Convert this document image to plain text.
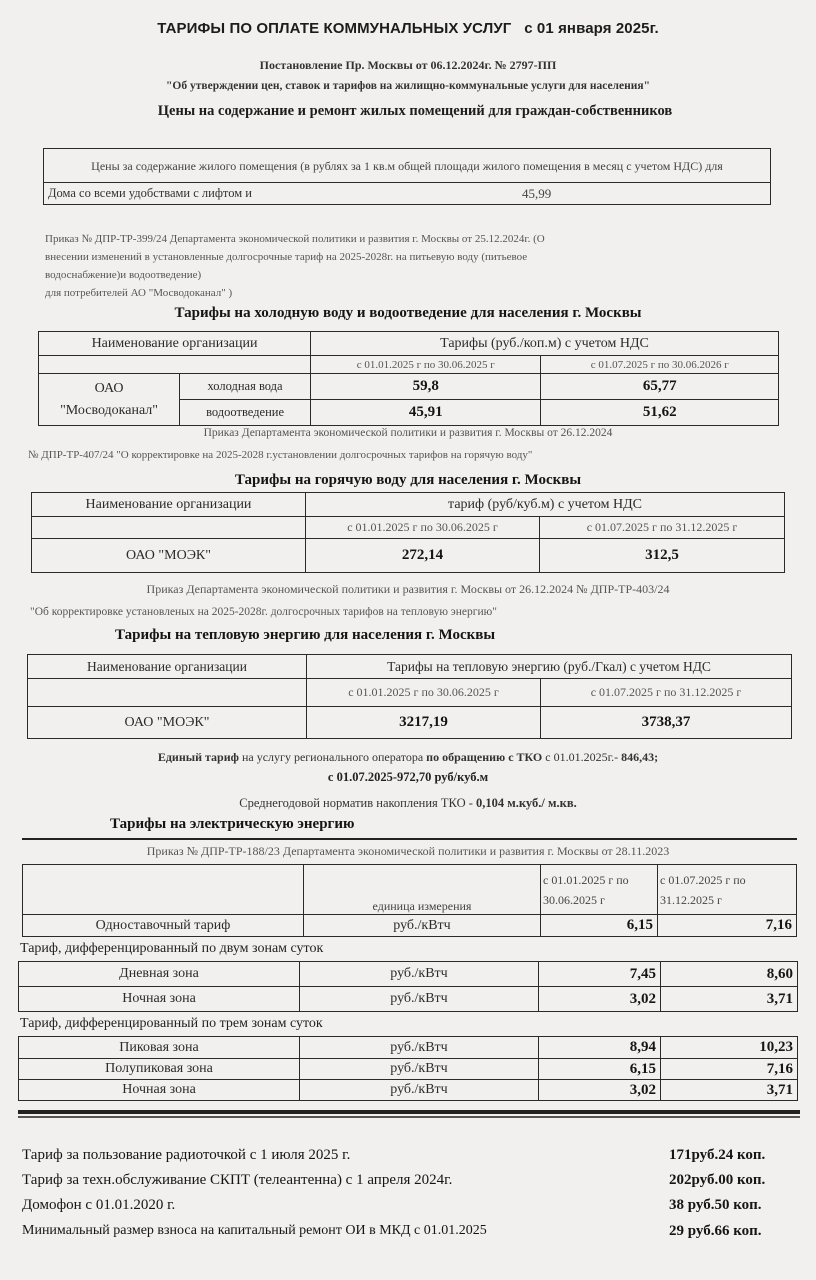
ТАРИФЫ ПО ОПЛАТЕ КОММУНАЛЬНЫХ УСЛУГ с 01 января 2025г.
Постановление Пр. Москвы от 06.12.2024г. № 2797-ПП
"Об утверждении цен, ставок и тарифов на жилищно-коммунальные услуги для населения"
Цены на содержание и ремонт жилых помещений для граждан-собственников
Цены за содержание жилого помещения (в рублях за 1 кв.м общей площади жилого помещения в месяц с учетом НДС) для
Дома со всеми удобствами с лифтом и	45,99
Приказ № ДПР-ТР-399/24 Департамента экономической политики и развития г. Москвы от 25.12.2024г. (О
внесении изменений в установленные долгосрочные тариф на 2025-2028г. на питьевую воду (питьевое
водоснабжение)и водоотведение)
для потребителей АО "Мосводоканал" )
Тарифы на холодную воду и водоотведение для населения г. Москвы
Наименование организации		Тарифы (руб./коп.м) с учетом НДС	
		с 01.01.2025 г по 30.06.2025 г	с 01.07.2025 г по 30.06.2026 г

ОАО
"Мосводоканал"	холодная вода	59,8	65,77
	водоотведение	45,91	51,62
Приказ Департамента экономической политики и развития г. Москвы от 26.12.2024
№ ДПР-ТР-407/24 "О корректировке на 2025-2028 г.установлении долгосрочных тарифов на горячую воду"
Тарифы на горячую воду для населения г. Москвы
Наименование организации	тариф (руб/куб.м) с учетом НДС	
	с 01.01.2025 г по 30.06.2025 г	с 01.07.2025 г по 31.12.2025 г
ОАО "МОЭК"	272,14	312,5
Приказ Департамента экономической политики и развития г. Москвы от 26.12.2024 № ДПР-ТР-403/24
"Об корректировке установленых на 2025-2028г. долгосрочных тарифов на тепловую энергию"
Тарифы на тепловую энергию для населения г. Москвы
Наименование организации	Тарифы на тепловую энергию (руб./Гкал) с учетом НДС	
	с 01.01.2025 г по 30.06.2025 г	с 01.07.2025 г по 31.12.2025 г
ОАО "МОЭК"	3217,19	3738,37
Единый тариф на услугу регионального оператора по обращению с ТКО с 01.01.2025г.- 846,43;
с 01.07.2025-972,70 руб/куб.м
Среднегодовой норматив накопления ТКО - 0,104 м.куб./ м.кв.
Тарифы на электрическую энергию
Приказ № ДПР-ТР-188/23 Департамента экономической политики и развития г. Москвы от 28.11.2023
	единица измерения	
с 01.01.2025 г по
30.06.2025 г

с 01.07.2025 г по
31.12.2025 г

Одноставочный тариф	руб./кВтч	6,15	7,16
Тариф, дифференцированный по двум зонам суток
Дневная зона	руб./кВтч	7,45	8,60
Ночная зона	руб./кВтч	3,02	3,71
Тариф, дифференцированный по трем зонам суток
Пиковая зона	руб./кВтч	8,94	10,23
Полупиковая зона	руб./кВтч	6,15	7,16
Ночная зона	руб./кВтч	3,02	3,71
Тариф за пользование радиоточкой с 1 июля 2025 г.	171руб.24 коп.
Тариф за техн.обслуживание СКПТ (телеантенна) с 1 апреля 2024г.	202руб.00 коп.
Домофон с 01.01.2020 г.	38 руб.50 коп.
Минимальный размер взноса на капитальный ремонт ОИ в МКД с 01.01.2025	29 руб.66 коп.
